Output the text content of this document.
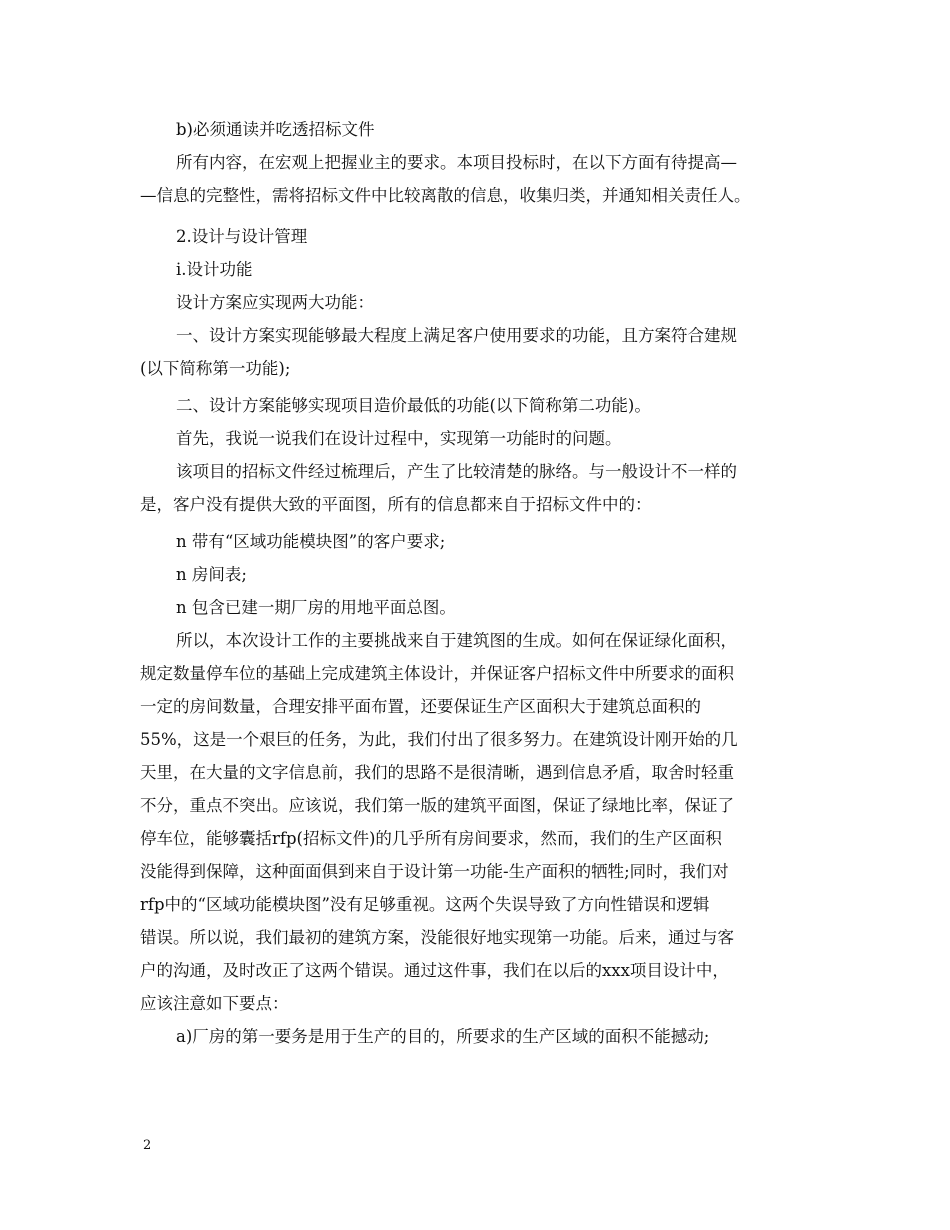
b)必须通读并吃透招标文件
所有内容，在宏观上把握业主的要求。本项目投标时，在以下方面有待提高—
—信息的完整性，需将招标文件中比较离散的信息，收集归类，并通知相关责任人。
2.设计与设计管理
i.设计功能
设计方案应实现两大功能：
一、设计方案实现能够最大程度上满足客户使用要求的功能，且方案符合建规
(以下简称第一功能);
二、设计方案能够实现项目造价最低的功能(以下简称第二功能)。
首先，我说一说我们在设计过程中，实现第一功能时的问题。
该项目的招标文件经过梳理后，产生了比较清楚的脉络。与一般设计不一样的
是，客户没有提供大致的平面图，所有的信息都来自于招标文件中的：
n 带有“区域功能模块图”的客户要求;
n 房间表;
n 包含已建一期厂房的用地平面总图。
所以，本次设计工作的主要挑战来自于建筑图的生成。如何在保证绿化面积，
规定数量停车位的基础上完成建筑主体设计，并保证客户招标文件中所要求的面积
一定的房间数量，合理安排平面布置，还要保证生产区面积大于建筑总面积的
55%，这是一个艰巨的任务，为此，我们付出了很多努力。在建筑设计刚开始的几
天里，在大量的文字信息前，我们的思路不是很清晰，遇到信息矛盾，取舍时轻重
不分，重点不突出。应该说，我们第一版的建筑平面图，保证了绿地比率，保证了
停车位，能够囊括rfp(招标文件)的几乎所有房间要求，然而，我们的生产区面积
没能得到保障，这种面面俱到来自于设计第一功能-生产面积的牺牲;同时，我们对
rfp中的“区域功能模块图”没有足够重视。这两个失误导致了方向性错误和逻辑
错误。所以说，我们最初的建筑方案，没能很好地实现第一功能。后来，通过与客
户的沟通，及时改正了这两个错误。通过这件事，我们在以后的xxx项目设计中，
应该注意如下要点：
a)厂房的第一要务是用于生产的目的，所要求的生产区域的面积不能撼动;
2
